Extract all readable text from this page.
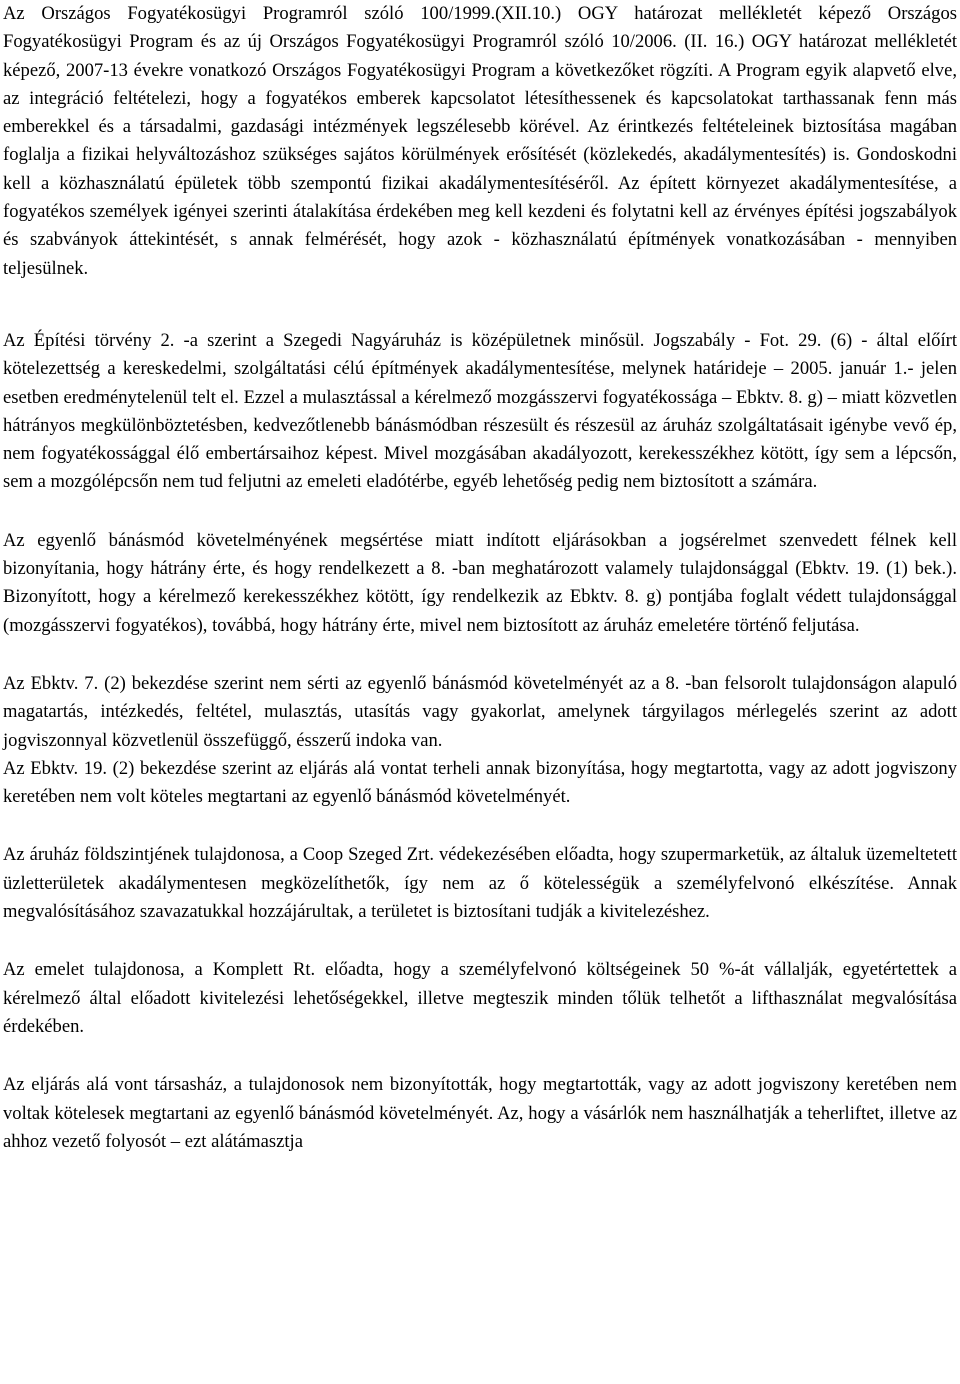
Az Országos Fogyatékosügyi Programról szóló 100/1999.(XII.10.) OGY határozat mellékletét képező Országos Fogyatékosügyi Program és az új Országos Fogyatékosügyi Programról szóló 10/2006. (II. 16.) OGY határozat mellékletét képező, 2007-13 évekre vonatkozó Országos Fogyatékosügyi Program a következőket rögzíti. A Program egyik alapvető elve, az integráció feltételezi, hogy a fogyatékos emberek kapcsolatot létesíthessenek és kapcsolatokat tarthassanak fenn más emberekkel és a társadalmi, gazdasági intézmények legszélesebb körével. Az érintkezés feltételeinek biztosítása magában foglalja a fizikai helyváltozáshoz szükséges sajátos körülmények erősítését (közlekedés, akadálymentesítés) is. Gondoskodni kell a közhasználatú épületek több szempontú fizikai akadálymentesítéséről. Az épített környezet akadálymentesítése, a fogyatékos személyek igényei szerinti átalakítása érdekében meg kell kezdeni és folytatni kell az érvényes építési jogszabályok és szabványok áttekintését, s annak felmérését, hogy azok - közhasználatú építmények vonatkozásában - mennyiben teljesülnek.

Az Építési törvény 2. -a szerint a Szegedi Nagyáruház is középületnek minősül. Jogszabály - Fot. 29. (6) - által előírt kötelezettség a kereskedelmi, szolgáltatási célú építmények akadálymentesítése, melynek határideje – 2005. január 1.- jelen esetben eredménytelenül telt el. Ezzel a mulasztással a kérelmező mozgásszervi fogyatékossága – Ebktv. 8. g) – miatt közvetlen hátrányos megkülönböztetésben, kedvezőtlenebb bánásmódban részesült és részesül az áruház szolgáltatásait igénybe vevő ép, nem fogyatékossággal élő embertársaihoz képest. Mivel mozgásában akadályozott, kerekesszékhez kötött, így sem a lépcsőn, sem a mozgólépcsőn nem tud feljutni az emeleti eladótérbe, egyéb lehetőség pedig nem biztosított a számára.

Az egyenlő bánásmód követelményének megsértése miatt indított eljárásokban a jogsérelmet szenvedett félnek kell bizonyítania, hogy hátrány érte, és hogy rendelkezett a 8. -ban meghatározott valamely tulajdonsággal (Ebktv. 19. (1) bek.). Bizonyított, hogy a kérelmező kerekesszékhez kötött, így rendelkezik az Ebktv. 8. g) pontjába foglalt védett tulajdonsággal (mozgásszervi fogyatékos), továbbá, hogy hátrány érte, mivel nem biztosított az áruház emeletére történő feljutása.

Az Ebktv. 7. (2) bekezdése szerint nem sérti az egyenlő bánásmód követelményét az a 8. -ban felsorolt tulajdonságon alapuló magatartás, intézkedés, feltétel, mulasztás, utasítás vagy gyakorlat, amelynek tárgyilagos mérlegelés szerint az adott jogviszonnyal közvetlenül összefüggő, ésszerű indoka van.

Az Ebktv. 19. (2) bekezdése szerint az eljárás alá vontat terheli annak bizonyítása, hogy megtartotta, vagy az adott jogviszony keretében nem volt köteles megtartani az egyenlő bánásmód követelményét.

Az áruház földszintjének tulajdonosa, a Coop Szeged Zrt. védekezésében előadta, hogy szupermarketük, az általuk üzemeltetett üzletterületek akadálymentesen megközelíthetők, így nem az ő kötelességük a személyfelvonó elkészítése. Annak megvalósításához szavazatukkal hozzájárultak, a területet is biztosítani tudják a kivitelezéshez.

Az emelet tulajdonosa, a Komplett Rt. előadta, hogy a személyfelvonó költségeinek 50 %-át vállalják, egyetértettek a kérelmező által előadott kivitelezési lehetőségekkel, illetve megteszik minden tőlük telhetőt a lifthasználat megvalósítása érdekében.

Az eljárás alá vont társasház, a tulajdonosok nem bizonyították, hogy megtartották, vagy az adott jogviszony keretében nem voltak kötelesek megtartani az egyenlő bánásmód követelményét. Az, hogy a vásárlók nem használhatják a teherliftet, illetve az ahhoz vezető folyosót – ezt alátámasztja
